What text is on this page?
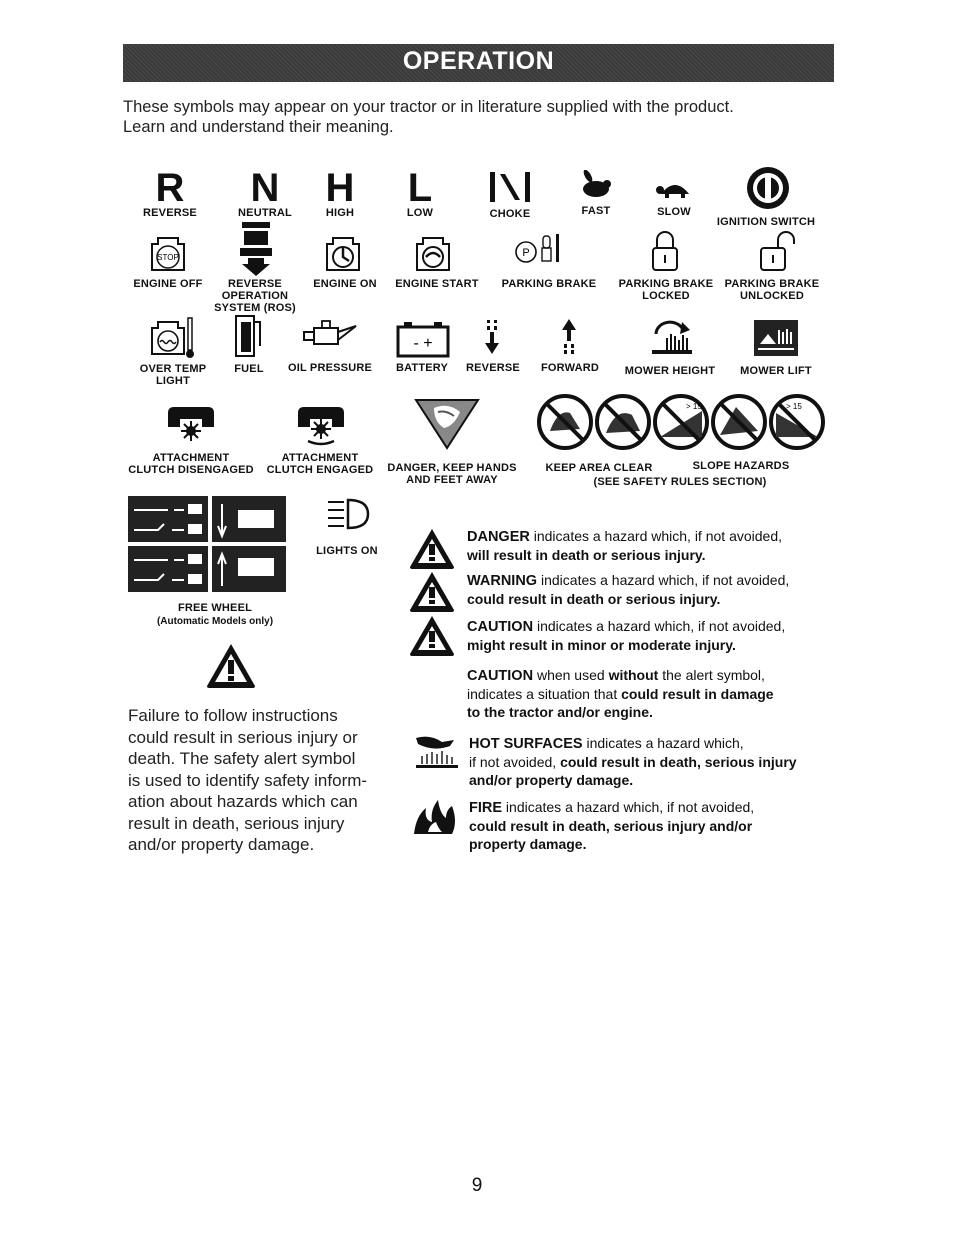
OPERATION
These symbols may appear on your tractor or in literature supplied with the product.
Learn and understand their meaning.
R
REVERSE
N
NEUTRAL
H
HIGH
L
LOW	CHOKE	FAST	SLOW
IGNITION SWITCH
STOP
ENGINE OFF	REVERSE
OPERATION
SYSTEM (ROS)
ENGINE ON	ENGINE START
P
PARKING BRAKE	PARKING BRAKE
LOCKED
PARKING BRAKE
UNLOCKED
OVER TEMP
LIGHT
FUEL	OIL PRESSURE
- +
BATTERY	REVERSE	FORWARD	MOWER HEIGHT	MOWER LIFT
ATTACHMENT
CLUTCH DISENGAGED
ATTACHMENT
CLUTCH ENGAGED	DANGER, KEEP HANDS
AND FEET AWAY
> 15	> 15
KEEP AREA CLEAR	SLOPE HAZARDS
(SEE SAFETY RULES SECTION)
FREE WHEEL
(Automatic Models only)
LIGHTS ON
Failure to follow instructions
could result in serious injury or
death. The safety alert symbol
is used to identify safety inform-
ation about hazards which can
result in death, serious injury
and/or property damage.
DANGER indicates a hazard which, if not avoided,
will result in death or serious injury.
WARNING indicates a hazard which, if not avoided,
could result in death or serious injury.
CAUTION indicates a hazard which, if not avoided,
might result in minor or moderate injury.
CAUTION when used without the alert symbol,
indicates a situation that could result in damage
to the tractor and/or engine.
HOT SURFACES indicates a hazard which,
if not avoided, could result in death, serious injury
and/or property damage.
FIRE indicates a hazard which, if not avoided,
could result in death, serious injury and/or
property damage.
9
